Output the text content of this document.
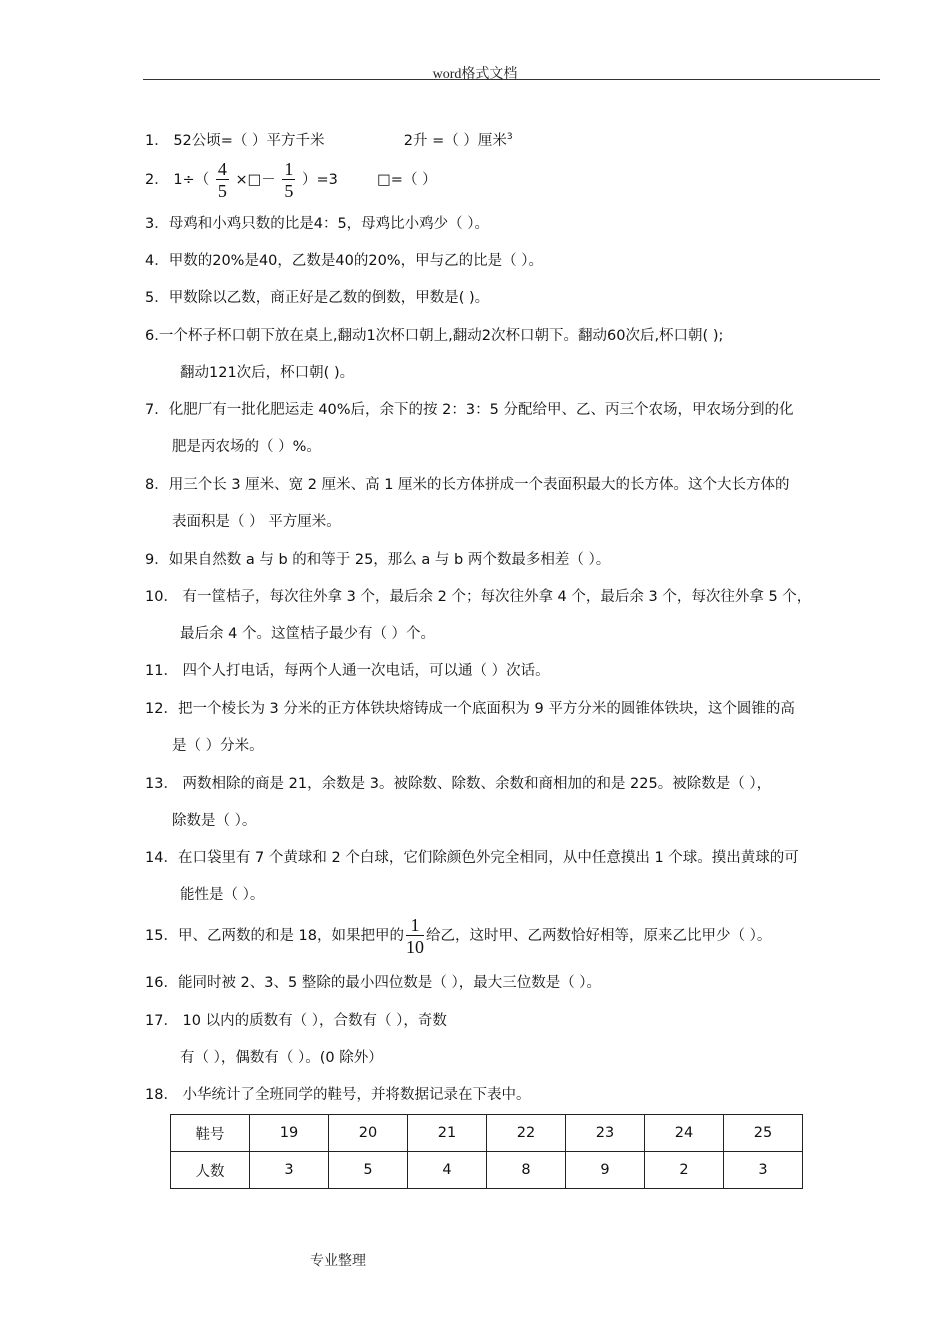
word格式文档
1． 52公顷=（ ）平方千米	2升 =（ ）厘米$^3$
2． $1\div( \frac{4}{5}$ ×□－ $\frac{1}{5} )=3$	□=（ ）
3．母鸡和小鸡只数的比是4：5，母鸡比小鸡少（ ）。
4．甲数的20%是40，乙数是40的20%，甲与乙的比是（ ）。
5．甲数除以乙数，商正好是乙数的倒数，甲数是( )。
6.一个杯子杯口朝下放在桌上,翻动1次杯口朝上,翻动2次杯口朝下。翻动60次后,杯口朝( );
翻动121次后，杯口朝( )。
7．化肥厂有一批化肥运走 40%后，余下的按 2：3：5 分配给甲、乙、丙三个农场，甲农场分到的化
肥是丙农场的（ ）%。
8．用三个长 3 厘米、宽 2 厘米、高 1 厘米的长方体拼成一个表面积最大的长方体。这个大长方体的
表面积是（ ） 平方厘米。
9．如果自然数 a 与 b 的和等于 25，那么 a 与 b 两个数最多相差（ ）。
10． 有一筐桔子，每次往外拿 3 个，最后余 2 个；每次往外拿 4 个，最后余 3 个，每次往外拿 5 个，
最后余 4 个。这筐桔子最少有（ ）个。
11． 四个人打电话，每两个人通一次电话，可以通（ ）次话。
12．把一个棱长为 3 分米的正方体铁块熔铸成一个底面积为 9 平方分米的圆锥体铁块，这个圆锥的高
是（ ）分米。
13． 两数相除的商是 21，余数是 3。被除数、除数、余数和商相加的和是 225。被除数是（ ），
除数是（ ）。
14．在口袋里有 7 个黄球和 2 个白球，它们除颜色外完全相同，从中任意摸出 1 个球。摸出黄球的可
能性是（ ）。
15．甲、乙两数的和是 18，如果把甲的 $\frac{1}{10}$ 给乙，这时甲、乙两数恰好相等，原来乙比甲少（ ）。
16．能同时被 2、3、5 整除的最小四位数是（ ），最大三位数是（ ）。
17． 10 以内的质数有（ ），合数有（ ），奇数
有（ ），偶数有（ ）。(0 除外）
18． 小华统计了全班同学的鞋号，并将数据记录在下表中。
鞋号	19	20	21	22	23	24	25
人数	3	5	4	8	9	2	3
专业整理
